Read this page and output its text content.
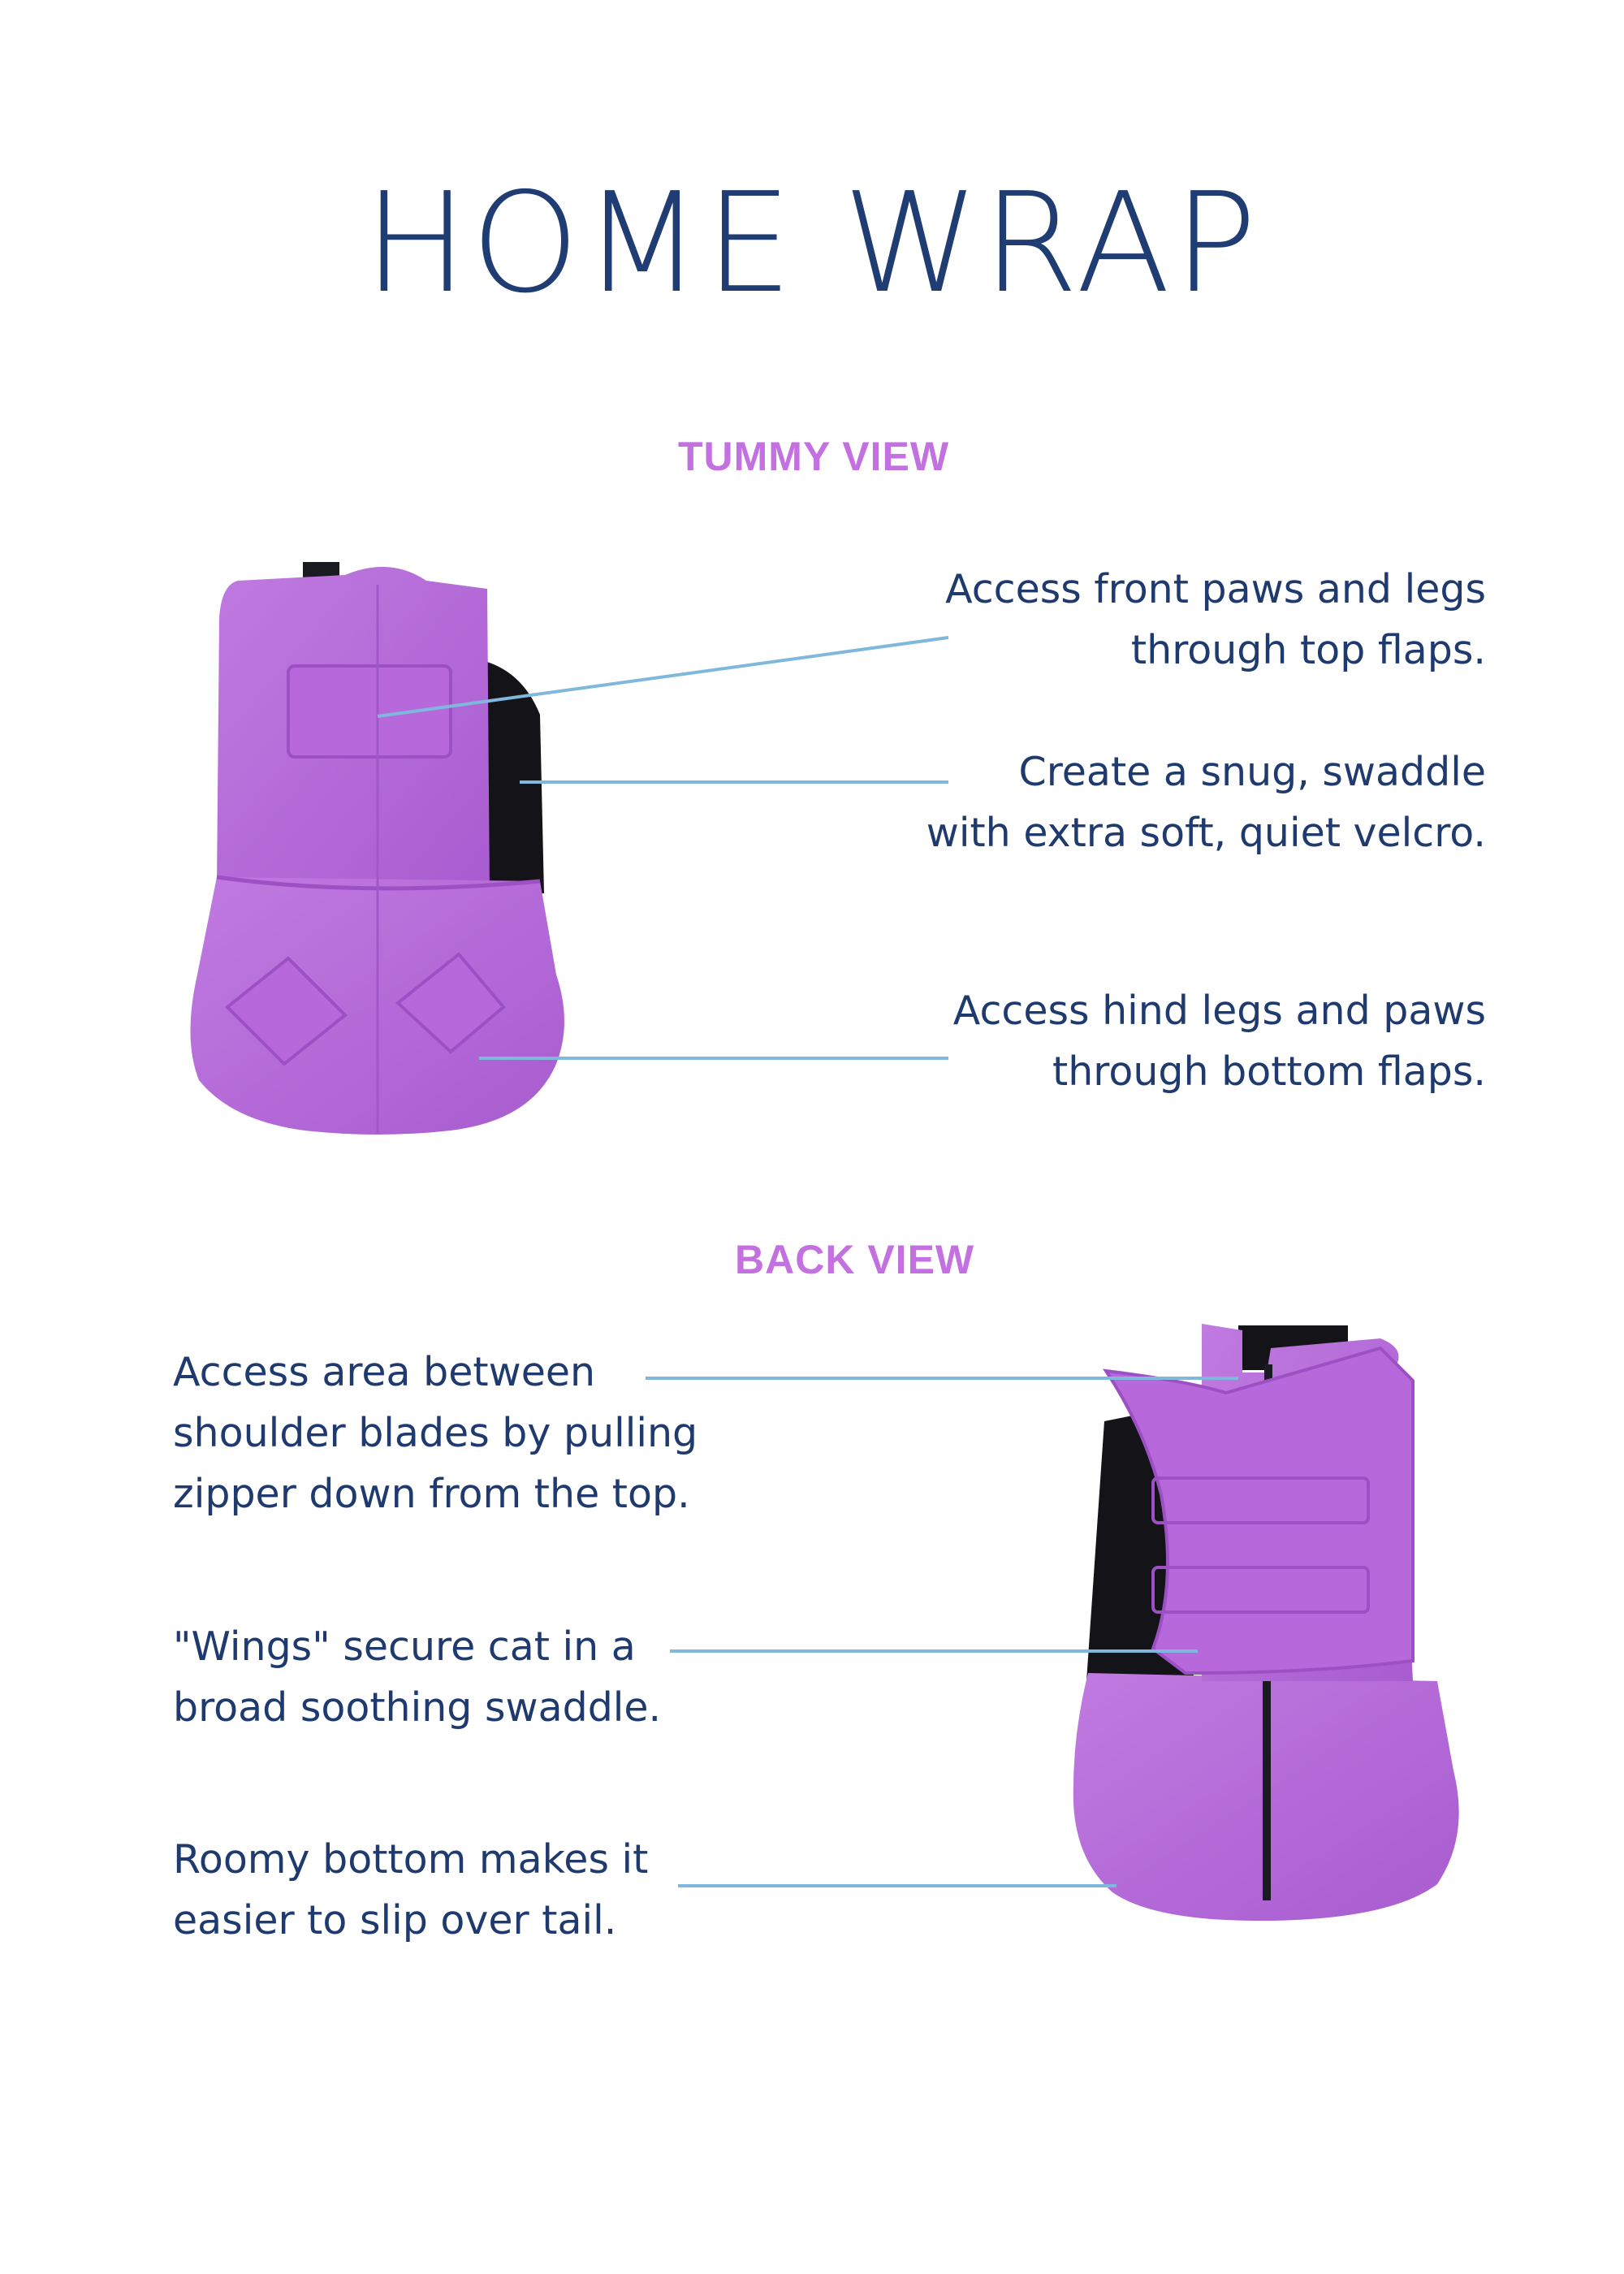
HOME WRAP
TUMMY VIEW
Access front paws and legs
through top flaps.
Create a snug, swaddle
with extra soft, quiet velcro.
Access hind legs and paws
through bottom flaps.
BACK VIEW
Access area between
shoulder blades by pulling
zipper down from the top.
"Wings" secure cat in a
broad soothing swaddle.
Roomy bottom makes it
easier to slip over tail.
